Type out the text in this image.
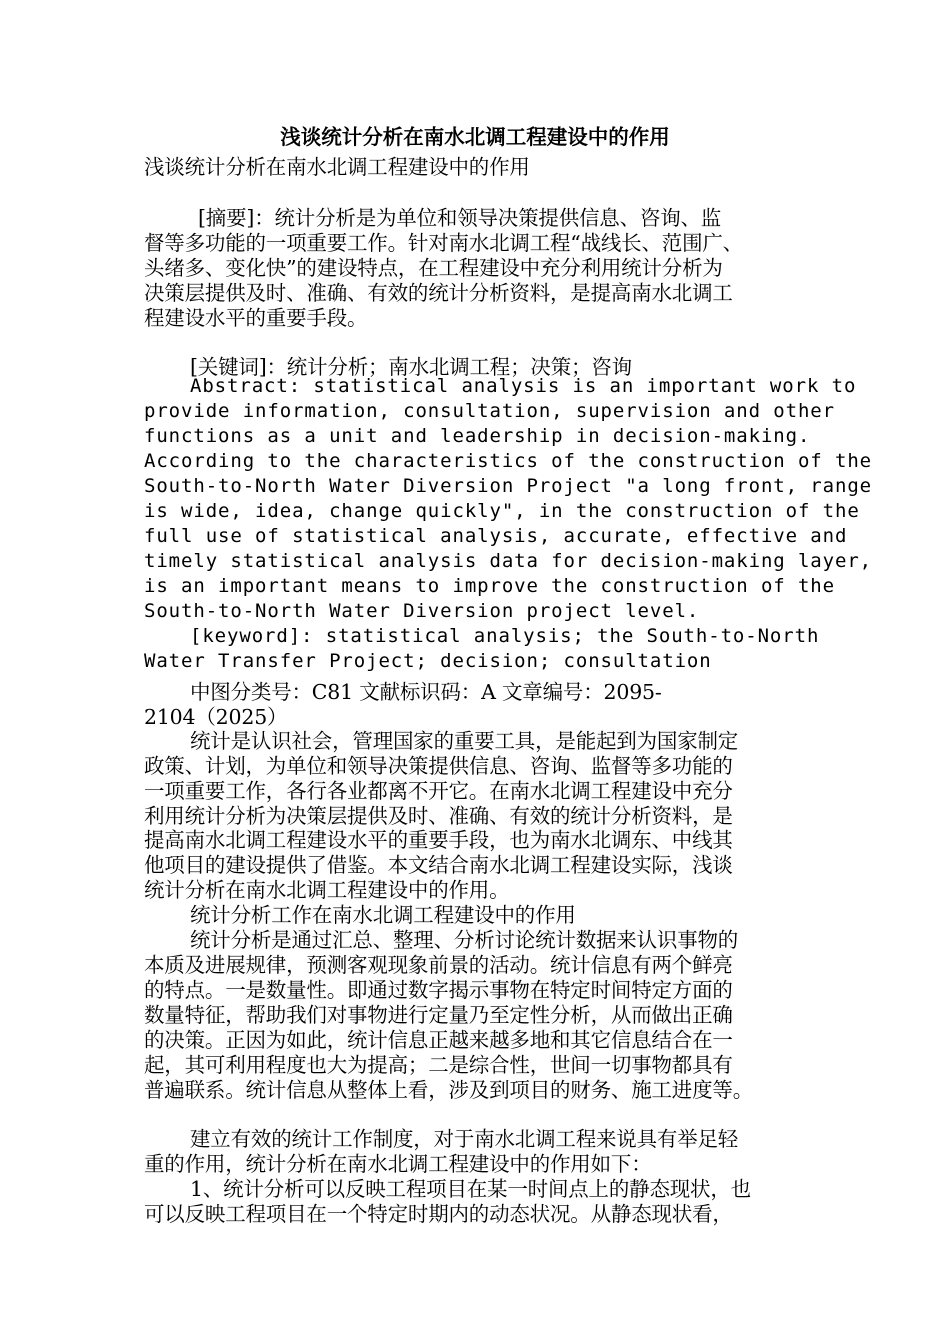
浅谈统计分析在南水北调工程建设中的作用
浅谈统计分析在南水北调工程建设中的作用
[摘要]：统计分析是为单位和领导决策提供信息、咨询、监
督等多功能的一项重要工作。针对南水北调工程“战线长、范围广、
头绪多、变化快”的建设特点，在工程建设中充分利用统计分析为
决策层提供及时、准确、有效的统计分析资料，是提高南水北调工
程建设水平的重要手段。
[关键词]：统计分析；南水北调工程；决策；咨询
Abstract: statistical analysis is an important work to
provide information, consultation, supervision and other
functions as a unit and leadership in decision-making.
According to the characteristics of the construction of the
South-to-North Water Diversion Project "a long front, range
is wide, idea, change quickly", in the construction of the
full use of statistical analysis, accurate, effective and
timely statistical analysis data for decision-making layer,
is an important means to improve the construction of the
South-to-North Water Diversion project level.
[keyword]: statistical analysis; the South-to-North
Water Transfer Project; decision; consultation
中图分类号：C81 文献标识码：A 文章编号：2095-
2104（2025）
统计是认识社会，管理国家的重要工具，是能起到为国家制定
政策、计划，为单位和领导决策提供信息、咨询、监督等多功能的
一项重要工作，各行各业都离不开它。在南水北调工程建设中充分
利用统计分析为决策层提供及时、准确、有效的统计分析资料，是
提高南水北调工程建设水平的重要手段，也为南水北调东、中线其
他项目的建设提供了借鉴。本文结合南水北调工程建设实际，浅谈
统计分析在南水北调工程建设中的作用。
统计分析工作在南水北调工程建设中的作用
统计分析是通过汇总、整理、分析讨论统计数据来认识事物的
本质及进展规律，预测客观现象前景的活动。统计信息有两个鲜亮
的特点。一是数量性。即通过数字揭示事物在特定时间特定方面的
数量特征，帮助我们对事物进行定量乃至定性分析，从而做出正确
的决策。正因为如此，统计信息正越来越多地和其它信息结合在一
起，其可利用程度也大为提高；二是综合性，世间一切事物都具有
普遍联系。统计信息从整体上看，涉及到项目的财务、施工进度等。
建立有效的统计工作制度，对于南水北调工程来说具有举足轻
重的作用，统计分析在南水北调工程建设中的作用如下：
1、统计分析可以反映工程项目在某一时间点上的静态现状，也
可以反映工程项目在一个特定时期内的动态状况。从静态现状看，
